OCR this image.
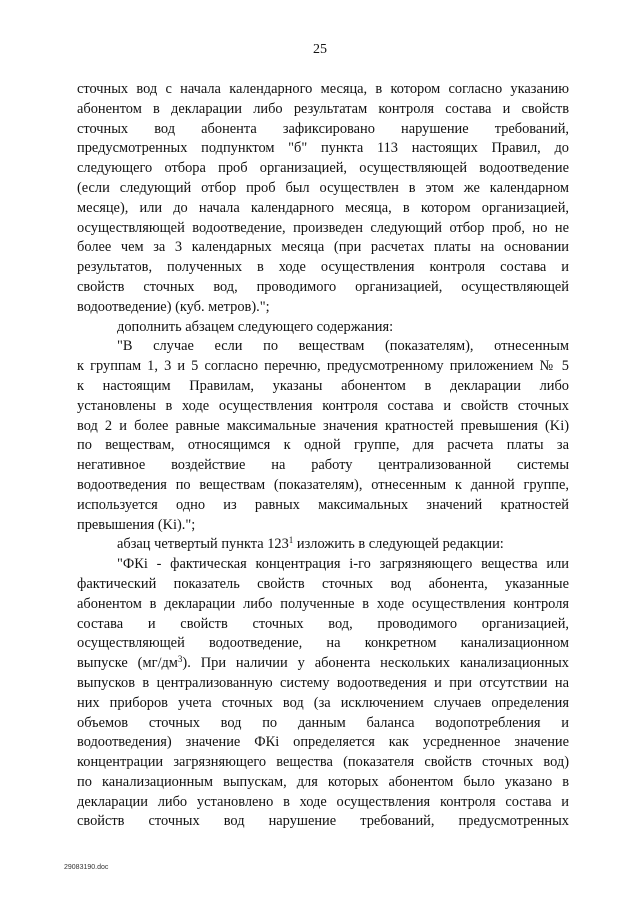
25
сточных вод с начала календарного месяца, в котором согласно указанию
абонентом в декларации либо результатам контроля состава и свойств
сточных вод абонента зафиксировано нарушение требований,
предусмотренных подпунктом "б" пункта 113 настоящих Правил, до
следующего отбора проб организацией, осуществляющей водоотведение
(если следующий отбор проб был осуществлен в этом же календарном
месяце), или до начала календарного месяца, в котором организацией,
осуществляющей водоотведение, произведен следующий отбор проб, но не
более чем за 3 календарных месяца (при расчетах платы на основании
результатов, полученных в ходе осуществления контроля состава и
свойств сточных вод, проводимого организацией, осуществляющей
водоотведение) (куб. метров).";
дополнить абзацем следующего содержания:
"В случае если по веществам (показателям), отнесенным
к группам 1, 3 и 5 согласно перечню, предусмотренному приложением № 5
к настоящим Правилам, указаны абонентом в декларации либо
установлены в ходе осуществления контроля состава и свойств сточных
вод 2 и более равные максимальные значения кратностей превышения (Ki)
по веществам, относящимся к одной группе, для расчета платы за
негативное воздействие на работу централизованной системы
водоотведения по веществам (показателям), отнесенным к данной группе,
используется одно из равных максимальных значений кратностей
превышения (Ki).";
абзац четвертый пункта $123^1$ изложить в следующей редакции:
"ФКi - фактическая концентрация i-го загрязняющего вещества или
фактический показатель свойств сточных вод абонента, указанные
абонентом в декларации либо полученные в ходе осуществления контроля
состава и свойств сточных вод, проводимого организацией,
осуществляющей водоотведение, на конкретном канализационном
выпуске $(мг/дм^3)$. При наличии у абонента нескольких канализационных
выпусков в централизованную систему водоотведения и при отсутствии на
них приборов учета сточных вод (за исключением случаев определения
объемов сточных вод по данным баланса водопотребления и
водоотведения) значение ФКi определяется как усредненное значение
концентрации загрязняющего вещества (показателя свойств сточных вод)
по канализационным выпускам, для которых абонентом было указано в
декларации либо установлено в ходе осуществления контроля состава и
свойств сточных вод нарушение требований, предусмотренных
29083190.doc
